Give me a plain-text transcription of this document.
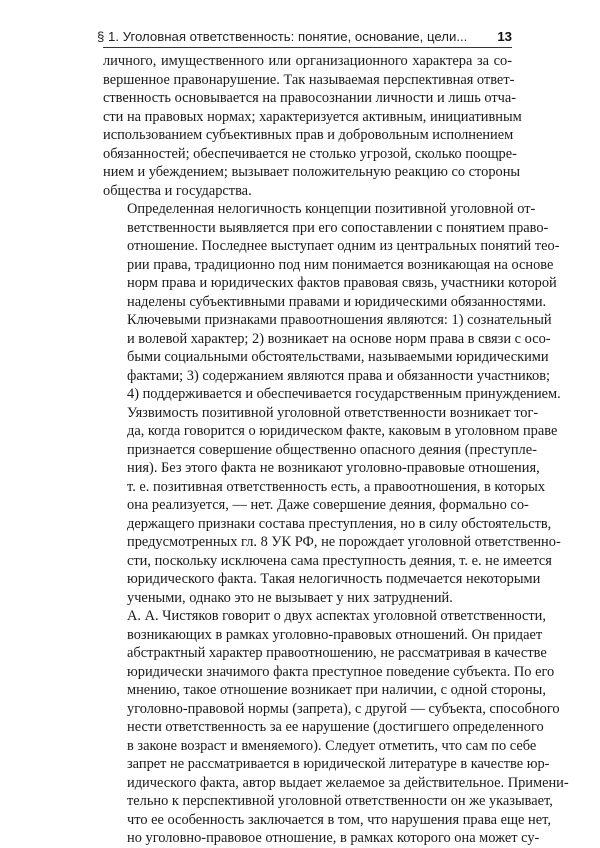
§ 1. Уголовная ответственность: понятие, основание, цели... 13

личного, имущественного или организационного характера за со-
вершенное правонарушение. Так называемая перспективная ответ-
ственность основывается на правосознании личности и лишь отча-
сти на правовых нормах; характеризуется активным, инициативным
использованием субъективных прав и добровольным исполнением
обязанностей; обеспечивается не столько угрозой, сколько поощре-
нием и убеждением; вызывает положительную реакцию со стороны
общества и государства.

Определенная нелогичность концепции позитивной уголовной от-
ветственности выявляется при его сопоставлении с понятием право-
отношение. Последнее выступает одним из центральных понятий тео-
рии права, традиционно под ним понимается возникающая на основе
норм права и юридических фактов правовая связь, участники которой
наделены субъективными правами и юридическими обязанностями.
Ключевыми признаками правоотношения являются: 1) сознательный
и волевой характер; 2) возникает на основе норм права в связи с осо-
быми социальными обстоятельствами, называемыми юридическими
фактами; 3) содержанием являются права и обязанности участников;
4) поддерживается и обеспечивается государственным принуждением.

Уязвимость позитивной уголовной ответственности возникает тог-
да, когда говорится о юридическом факте, каковым в уголовном праве
признается совершение общественно опасного деяния (преступле-
ния). Без этого факта не возникают уголовно-правовые отношения,
т. е. позитивная ответственность есть, а правоотношения, в которых
она реализуется, — нет. Даже совершение деяния, формально со-
держащего признаки состава преступления, но в силу обстоятельств,
предусмотренных гл. 8 УК РФ, не порождает уголовной ответственно-
сти, поскольку исключена сама преступность деяния, т. е. не имеется
юридического факта. Такая нелогичность подмечается некоторыми
учеными, однако это не вызывает у них затруднений.

А. А. Чистяков говорит о двух аспектах уголовной ответственности,
возникающих в рамках уголовно-правовых отношений. Он придает
абстрактный характер правоотношению, не рассматривая в качестве
юридически значимого факта преступное поведение субъекта. По его
мнению, такое отношение возникает при наличии, с одной стороны,
уголовно-правовой нормы (запрета), с другой — субъекта, способного
нести ответственность за ее нарушение (достигшего определенного
в законе возраст и вменяемого). Следует отметить, что сам по себе
запрет не рассматривается в юридической литературе в качестве юр-
идического факта, автор выдает желаемое за действительное. Примени-
тельно к перспективной уголовной ответственности он же указывает,
что ее особенность заключается в том, что нарушения права еще нет,
но уголовно-правовое отношение, в рамках которого она может су-
